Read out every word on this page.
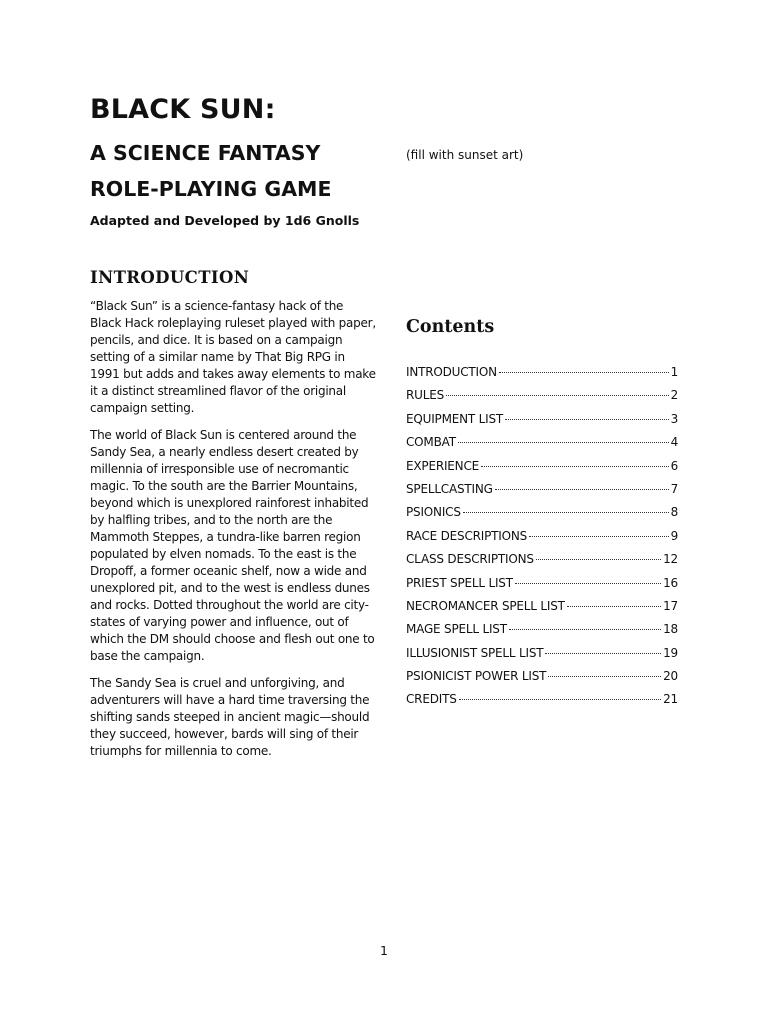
BLACK SUN:
A SCIENCE FANTASY
ROLE-PLAYING GAME

Adapted and Developed by 1d6 Gnolls

(fill with sunset art)
INTRODUCTION

“Black Sun” is a science-fantasy hack of the Black Hack roleplaying ruleset played with paper, pencils, and dice. It is based on a campaign setting of a similar name by That Big RPG in 1991 but adds and takes away elements to make it a distinct streamlined flavor of the original campaign setting.

The world of Black Sun is centered around the Sandy Sea, a nearly endless desert created by millennia of irresponsible use of necromantic magic. To the south are the Barrier Mountains, beyond which is unexplored rainforest inhabited by halfling tribes, and to the north are the Mammoth Steppes, a tundra-like barren region populated by elven nomads. To the east is the Dropoff, a former oceanic shelf, now a wide and unexplored pit, and to the west is endless dunes and rocks. Dotted throughout the world are city-states of varying power and influence, out of which the DM should choose and flesh out one to base the campaign.

The Sandy Sea is cruel and unforgiving, and adventurers will have a hard time traversing the shifting sands steeped in ancient magic—should they succeed, however, bards will sing of their triumphs for millennia to come.

Contents
INTRODUCTION	1
RULES	2
EQUIPMENT LIST	3
COMBAT	4
EXPERIENCE	6
SPELLCASTING	7
PSIONICS	8
RACE DESCRIPTIONS	9
CLASS DESCRIPTIONS	12
PRIEST SPELL LIST	16
NECROMANCER SPELL LIST	17
MAGE SPELL LIST	18
ILLUSIONIST SPELL LIST	19
PSIONICIST POWER LIST	20
CREDITS	21
1
